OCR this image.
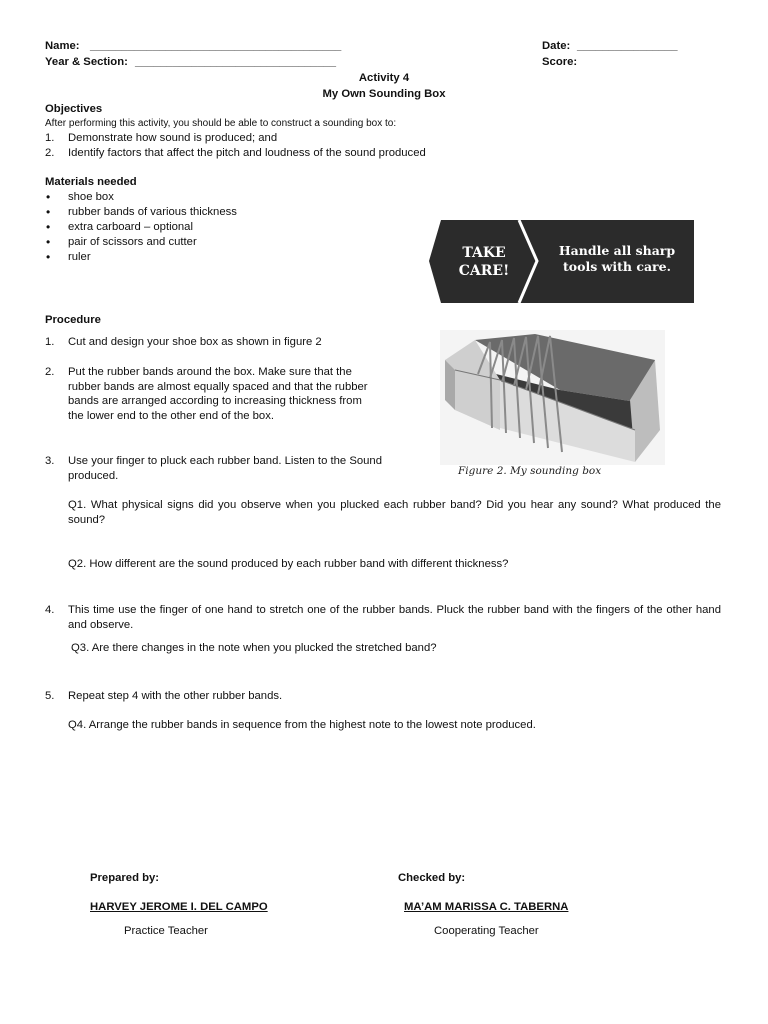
Name: ________________________________________	Date: ________________
Year & Section: ________________________________	Score:
Activity 4
My Own Sounding Box
Objectives
After performing this activity, you should be able to construct a sounding box to:
1. Demonstrate how sound is produced; and
2. Identify factors that affect the pitch and loudness of the sound produced
Materials needed
• shoe box
• rubber bands of various thickness
• extra carboard – optional
• pair of scissors and cutter
• ruler	TAKE
CARE!
Handle all sharp
tools with care.
Procedure
1. Cut and design your shoe box as shown in figure 2
2. Put the rubber bands around the box. Make sure that the rubber bands are almost equally spaced and that the rubber bands are arranged according to increasing thickness from the lower end to the other end of the box.
3. Use your finger to pluck each rubber band. Listen to the Sound produced.	Figure 2. My sounding box
Q1. What physical signs did you observe when you plucked each rubber band? Did you hear any sound? What produced the sound?
Q2. How different are the sound produced by each rubber band with different thickness?
4. This time use the finger of one hand to stretch one of the rubber bands. Pluck the rubber band with the fingers of the other hand and observe.
Q3. Are there changes in the note when you plucked the stretched band?
5. Repeat step 4 with the other rubber bands.
Q4. Arrange the rubber bands in sequence from the highest note to the lowest note produced.
Prepared by:
HARVEY JEROME I. DEL CAMPO
Practice Teacher
Checked by:
MA’AM MARISSA C. TABERNA
Cooperating Teacher
